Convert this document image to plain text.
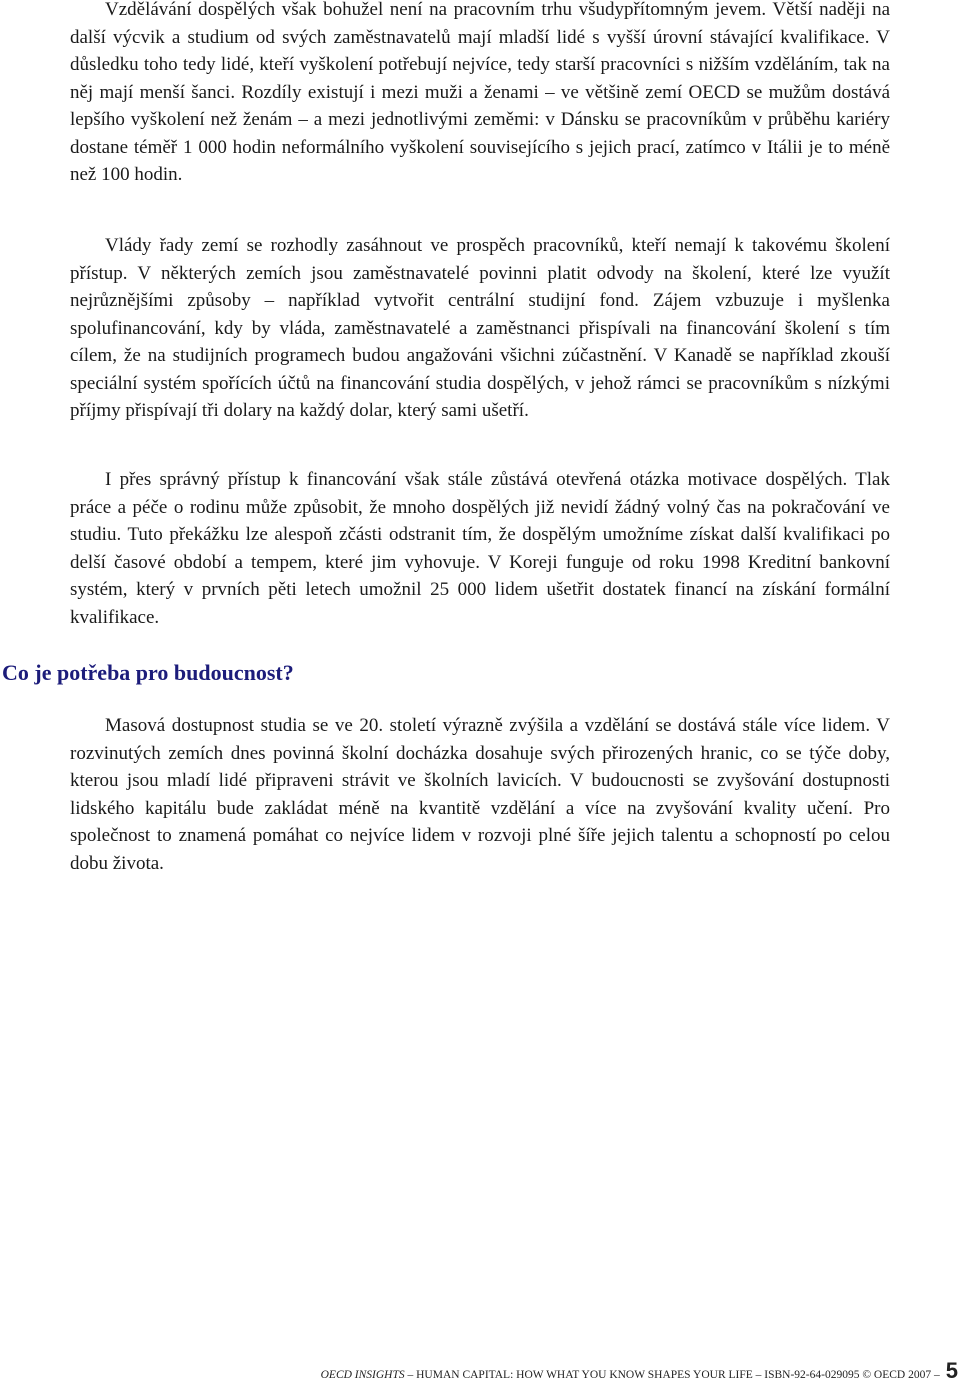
Vzdělávání dospělých však bohužel není na pracovním trhu všudypřítomným jevem. Větší naději na další výcvik a studium od svých zaměstnavatelů mají mladší lidé s vyšší úrovní stávající kvalifikace. V důsledku toho tedy lidé, kteří vyškolení potřebují nejvíce, tedy starší pracovníci s nižším vzděláním, tak na něj mají menší šanci. Rozdíly existují i mezi muži a ženami – ve většině zemí OECD se mužům dostává lepšího vyškolení než ženám – a mezi jednotlivými zeměmi: v Dánsku se pracovníkům v průběhu kariéry dostane téměř 1 000 hodin neformálního vyškolení souvisejícího s jejich prací, zatímco v Itálii je to méně než 100 hodin.

Vlády řady zemí se rozhodly zasáhnout ve prospěch pracovníků, kteří nemají k takovému školení přístup. V některých zemích jsou zaměstnavatelé povinni platit odvody na školení, které lze využít nejrůznějšími způsoby – například vytvořit centrální studijní fond. Zájem vzbuzuje i myšlenka spolufinancování, kdy by vláda, zaměstnavatelé a zaměstnanci přispívali na financování školení s tím cílem, že na studijních programech budou angažováni všichni zúčastnění. V Kanadě se například zkouší speciální systém spořících účtů na financování studia dospělých, v jehož rámci se pracovníkům s nízkými příjmy přispívají tři dolary na každý dolar, který sami ušetří.

I přes správný přístup k financování však stále zůstává otevřená otázka motivace dospělých. Tlak práce a péče o rodinu může způsobit, že mnoho dospělých již nevidí žádný volný čas na pokračování ve studiu. Tuto překážku lze alespoň zčásti odstranit tím, že dospělým umožníme získat další kvalifikaci po delší časové období a tempem, které jim vyhovuje. V Koreji funguje od roku 1998 Kreditní bankovní systém, který v prvních pěti letech umožnil 25 000 lidem ušetřit dostatek financí na získání formální kvalifikace.

Co je potřeba pro budoucnost?

Masová dostupnost studia se ve 20. století výrazně zvýšila a vzdělání se dostává stále více lidem. V rozvinutých zemích dnes povinná školní docházka dosahuje svých přirozených hranic, co se týče doby, kterou jsou mladí lidé připraveni strávit ve školních lavicích. V budoucnosti se zvyšování dostupnosti lidského kapitálu bude zakládat méně na kvantitě vzdělání a více na zvyšování kvality učení. Pro společnost to znamená pomáhat co nejvíce lidem v rozvoji plné šíře jejich talentu a schopností po celou dobu života.

OECD INSIGHTS – HUMAN CAPITAL: HOW WHAT YOU KNOW SHAPES YOUR LIFE – ISBN-92-64-029095 © OECD 2007 – 5
